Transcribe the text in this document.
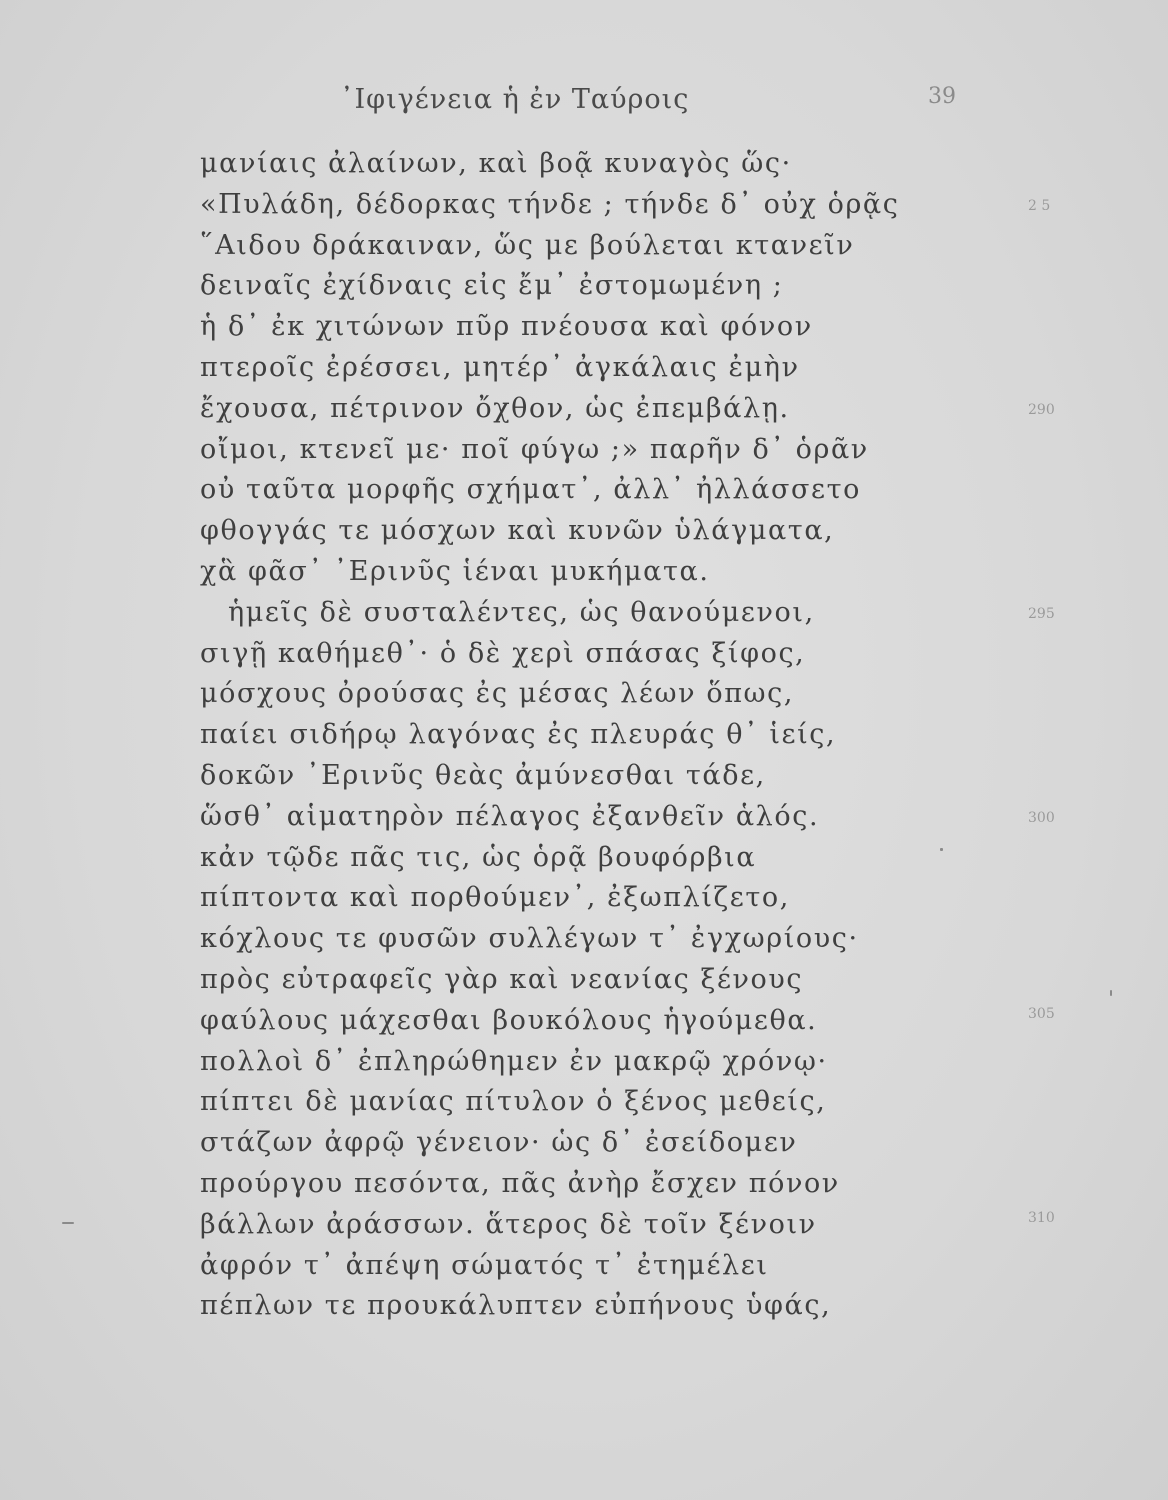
᾽Ιφιγένεια ἡ ἐν Ταύροις	39
μανίαις ἀλαίνων, καὶ βοᾷ κυναγὸς ὥς·
«Πυλάδη, δέδορκας τήνδε ; τήνδε δ᾽ οὐχ ὁρᾷς
῞Αιδου δράκαιναν, ὥς με βούλεται κτανεῖν
δειναῖς ἐχίδναις εἰς ἔμ᾽ ἐστομωμένη ;
ἡ δ᾽ ἐκ χιτώνων πῦρ πνέουσα καὶ φόνον
πτεροῖς ἐρέσσει, μητέρ᾽ ἀγκάλαις ἐμὴν
ἔχουσα, πέτρινον ὄχθον, ὡς ἐπεμβάλῃ.
οἴμοι, κτενεῖ με· ποῖ φύγω ;» παρῆν δ᾽ ὁρᾶν
οὐ ταῦτα μορφῆς σχήματ᾽, ἀλλ᾽ ἠλλάσσετο
φθογγάς τε μόσχων καὶ κυνῶν ὑλάγματα,
χἃ φᾶσ᾽ ᾽Ερινῦς ἱέναι μυκήματα.
ἡμεῖς δὲ συσταλέντες, ὡς θανούμενοι,
σιγῇ καθήμεθ᾽· ὁ δὲ χερὶ σπάσας ξίφος,
μόσχους ὀρούσας ἐς μέσας λέων ὅπως,
παίει σιδήρῳ λαγόνας ἐς πλευράς θ᾽ ἱείς,
δοκῶν ᾽Ερινῦς θεὰς ἀμύνεσθαι τάδε,
ὥσθ᾽ αἱματηρὸν πέλαγος ἐξανθεῖν ἁλός.
κἀν τῷδε πᾶς τις, ὡς ὁρᾷ βουφόρβια
πίπτοντα καὶ πορθούμεν᾽, ἐξωπλίζετο,
κόχλους τε φυσῶν συλλέγων τ᾽ ἐγχωρίους·
πρὸς εὐτραφεῖς γὰρ καὶ νεανίας ξένους
φαύλους μάχεσθαι βουκόλους ἡγούμεθα.
πολλοὶ δ᾽ ἐπληρώθημεν ἐν μακρῷ χρόνῳ·
πίπτει δὲ μανίας πίτυλον ὁ ξένος μεθείς,
στάζων ἀφρῷ γένειον· ὡς δ᾽ ἐσείδομεν
προύργου πεσόντα, πᾶς ἀνὴρ ἔσχεν πόνον
βάλλων ἀράσσων. ἅτερος δὲ τοῖν ξένοιν
ἀφρόν τ᾽ ἀπέψη σώματός τ᾽ ἐτημέλει
πέπλων τε προυκάλυπτεν εὐπήνους ὑφάς,
2 5
290
295
300
305
310
